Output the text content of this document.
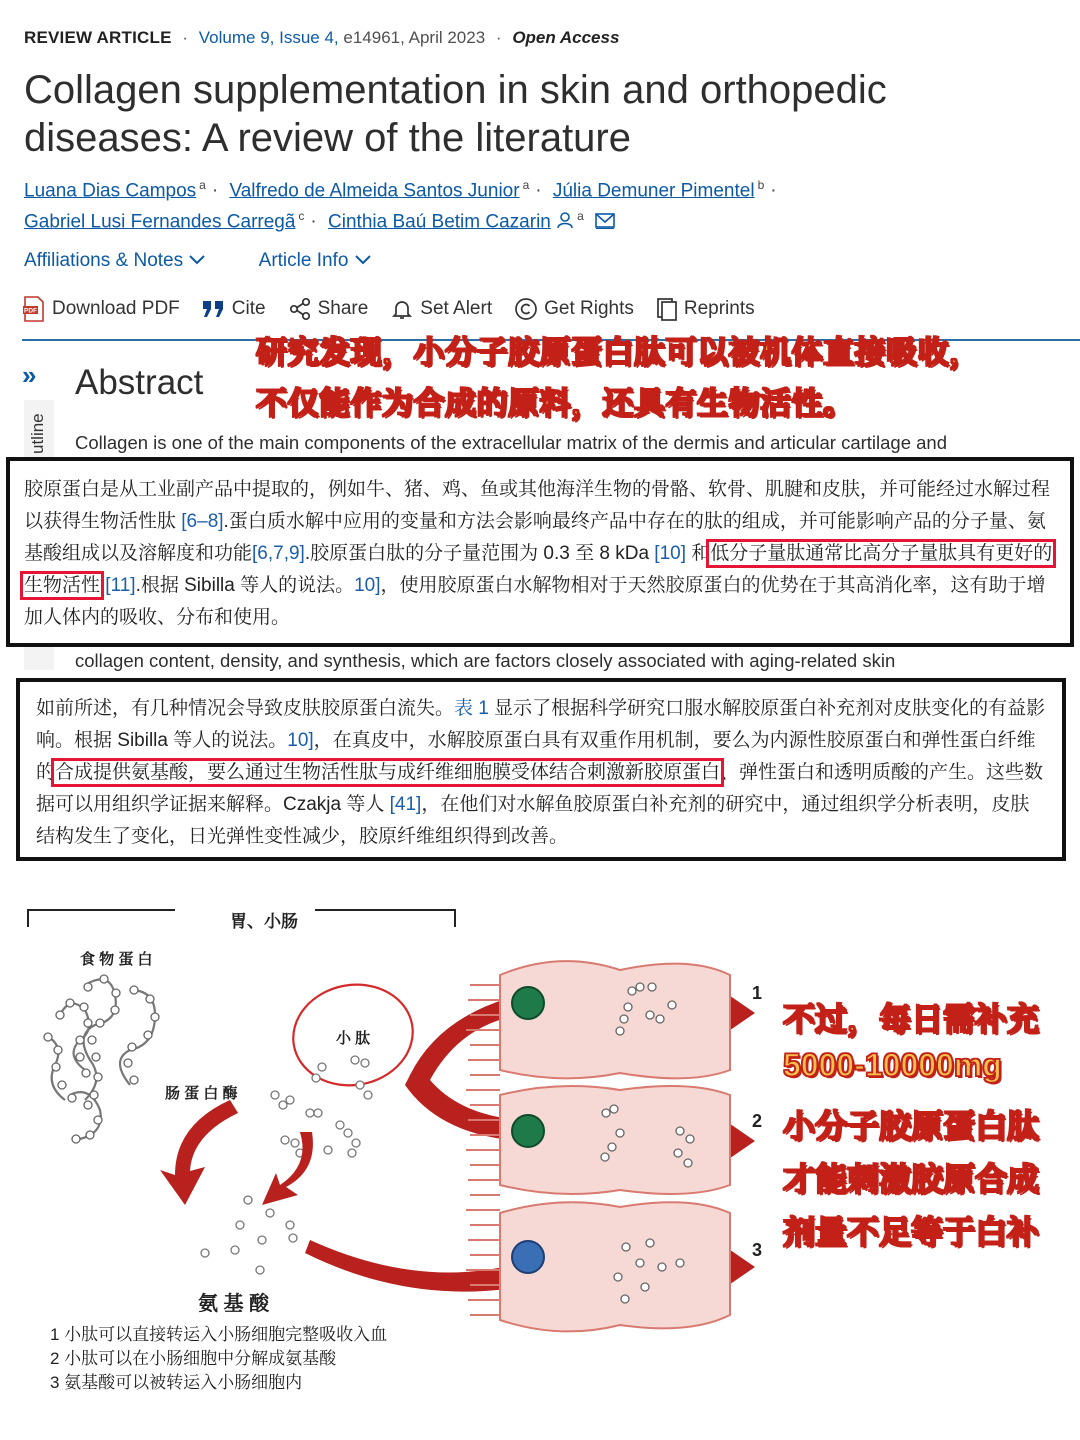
REVIEW ARTICLE · Volume 9, Issue 4, e14961, April 2023 · Open Access
Collagen supplementation in skin and orthopedic diseases: A review of the literature
Luana Dias Campos $^a$ · Valfredo de Almeida Santos Junior $^a$ · Júlia Demuner Pimentel $^b$ ·
Gabriel Lusi Fernandes Carregã $^c$ · Cinthia Baú Betim Cazarin $^a$
Affiliations & Notes	Article Info
PDF Download PDF	Cite	Share	Set Alert	Get Rights	Reprints
»
utline
Abstract
Collagen is one of the main components of the extracellular matrix of the dermis and articular cartilage and
collagen content, density, and synthesis, which are factors closely associated with aging-related skin
研究发现，小分子胶原蛋白肽可以被机体直接吸收，
不仅能作为合成的原料，还具有生物活性。

胶原蛋白是从工业副产品中提取的，例如牛、猪、鸡、鱼或其他海洋生物的骨骼、软骨、肌腱和皮肤，并可能经过水解过程以获得生物活性肽 [6–8].蛋白质水解中应用的变量和方法会影响最终产品中存在的肽的组成，并可能影响产品的分子量、氨基酸组成以及溶解度和功能[6,7,9].胶原蛋白肽的分子量范围为 0.3 至 8 kDa [10] 和低分子量肽通常比高分子量肽具有更好的生物活性 [11].根据 Sibilla 等人的说法。10]，使用胶原蛋白水解物相对于天然胶原蛋白的优势在于其高消化率，这有助于增加人体内的吸收、分布和使用。

如前所述，有几种情况会导致皮肤胶原蛋白流失。表 1 显示了根据科学研究口服水解胶原蛋白补充剂对皮肤变化的有益影响。根据 Sibilla 等人的说法。10]，在真皮中，水解胶原蛋白具有双重作用机制，要么为内源性胶原蛋白和弹性蛋白纤维的合成提供氨基酸，要么通过生物活性肽与成纤维细胞膜受体结合刺激新胶原蛋白、弹性蛋白和透明质酸的产生。这些数据可以用组织学证据来解释。Czakja 等人 [41]，在他们对水解鱼胶原蛋白补充剂的研究中，通过组织学分析表明，皮肤结构发生了变化，日光弹性变性减少，胶原纤维组织得到改善。

胃、小肠
食 物 蛋 白
肠 蛋 白 酶
小 肽
氨 基 酸
1
2
3
1 小肽可以直接转运入小肠细胞完整吸收入血
2 小肽可以在小肠细胞中分解成氨基酸
3 氨基酸可以被转运入小肠细胞内
不过，每日需补充
5000-10000mg
小分子胶原蛋白肽
才能刺激胶原合成
剂量不足等于白补
